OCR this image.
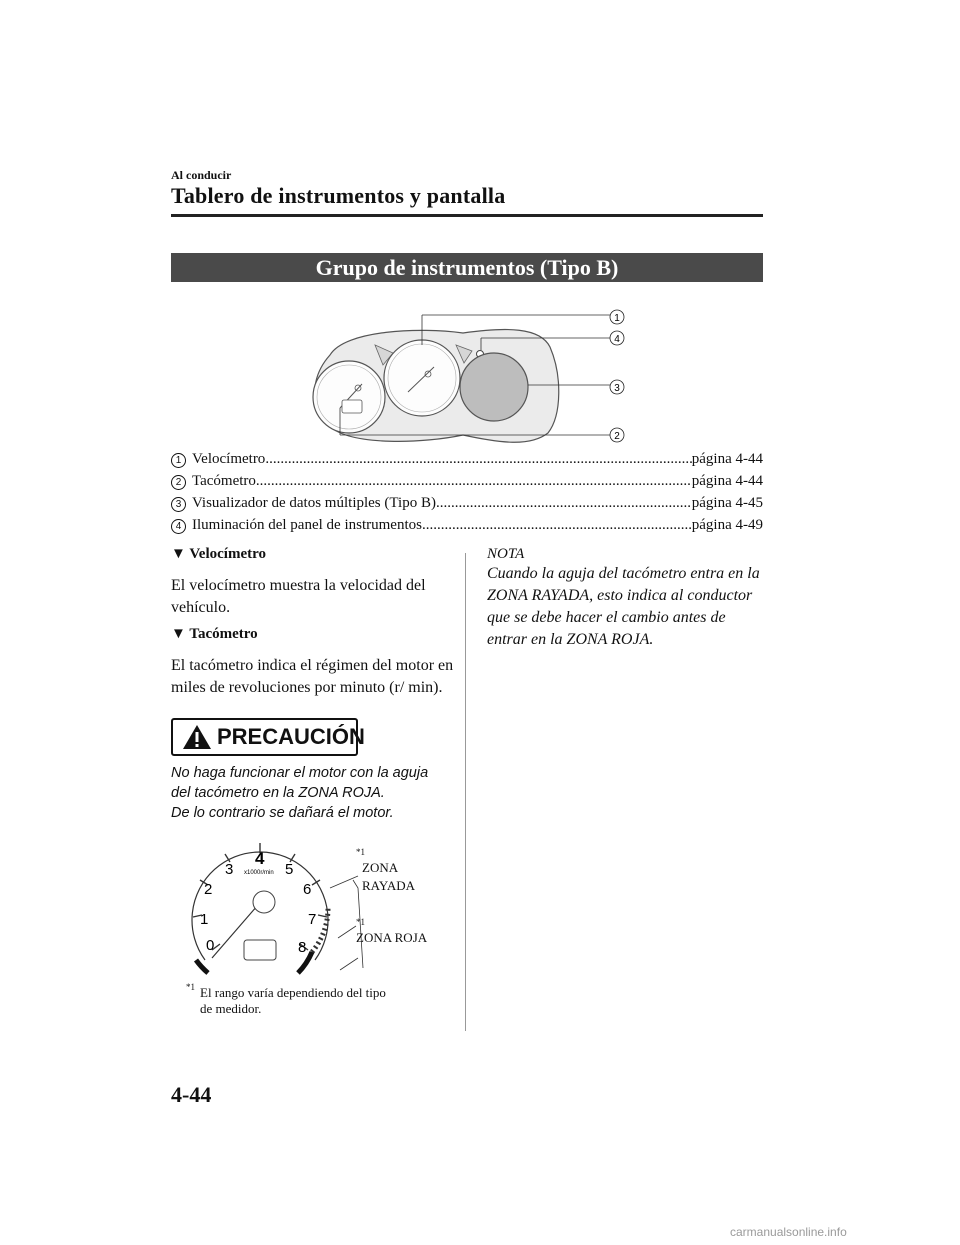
Al conducir
Tablero de instrumentos y pantalla
Grupo de instrumentos (Tipo B)
1
4
3
2
1 Velocímetro .....	página 4-44
2 Tacómetro .....	página 4-44
3 Visualizador de datos múltiples (Tipo B) .....	página 4-45
4 Iluminación del panel de instrumentos .....	página 4-49
▼ Velocímetro
El velocímetro muestra la velocidad del vehículo.
▼ Tacómetro
El tacómetro indica el régimen del motor en miles de revoluciones por minuto (r/ min).
PRECAUCIÓN
No haga funcionar el motor con la aguja
del tacómetro en la ZONA ROJA.
De lo contrario se dañará el motor.
0
1
2
3
4
5
6
7
8
x1000r/min
*1
ZONA
RAYADA
*1
ZONA ROJA
*1 El rango varía dependiendo del tipo
de medidor.
NOTA
Cuando la aguja del tacómetro entra en la ZONA RAYADA, esto indica al conductor que se debe hacer el cambio antes de entrar en la ZONA ROJA.
4-44
carmanualsonline.info
